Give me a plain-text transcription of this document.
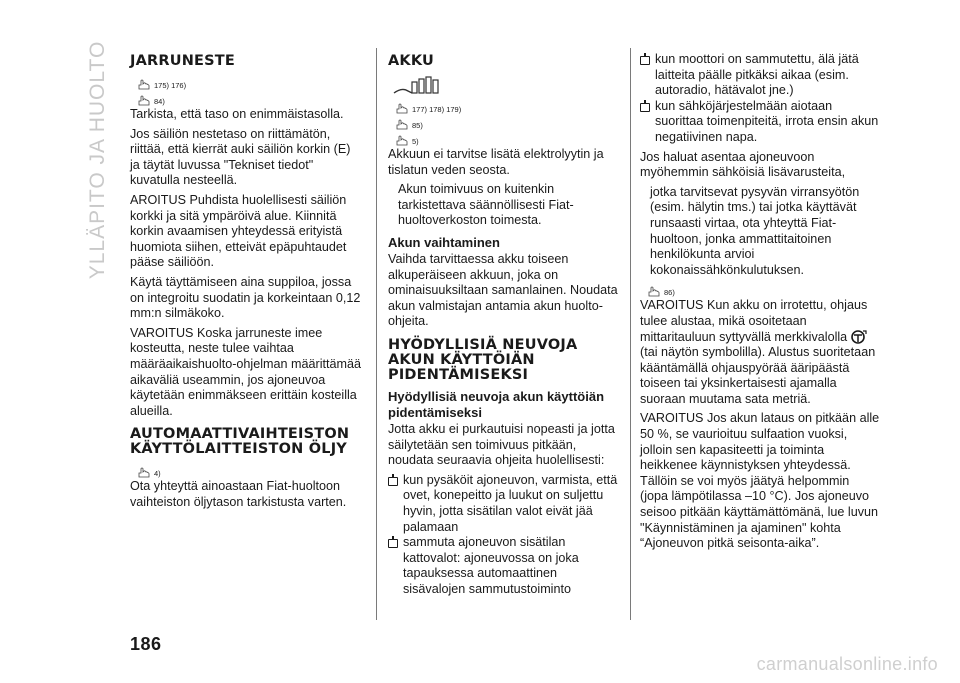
YLLÄPITO JA HUOLTO JARRUNESTE
175) 176)
84)

Tarkista, että taso on enimmäistasolla.

Jos säiliön nestetaso on riittämätön, riittää, että kierrät auki säiliön korkin (E) ja täytät luvussa "Tekniset tiedot" kuvatulla nesteellä.

AROITUS Puhdista huolellisesti säiliön korkki ja sitä ympäröivä alue. Kiinnitä korkin avaamisen yhteydessä erityistä huomiota siihen, etteivät epäpuhtaudet pääse säiliöön.

Käytä täyttämiseen aina suppiloa, jossa on integroitu suodatin ja korkeintaan 0,12 mm:n silmäkoko.

VAROITUS Koska jarruneste imee kosteutta, neste tulee vaihtaa määräaikaishuolto-ohjelman määrittämää aikaväliä useammin, jos ajoneuvoa käytetään enimmäkseen erittäin kosteilla alueilla.

AUTOMAATTIVAIHTEISTON KÄYTTÖLAITTEISTON ÖLJY
4)

Ota yhteyttä ainoastaan Fiat-huoltoon vaihteiston öljytason tarkistusta varten.

AKKU
177) 178) 179)
85)
5)

Akkuun ei tarvitse lisätä elektrolyytin ja tislatun veden seosta.

Akun toimivuus on kuitenkin tarkistettava säännöllisesti Fiat-huoltoverkoston toimesta.

Akun vaihtaminen

Vaihda tarvittaessa akku toiseen alkuperäiseen akkuun, joka on ominaisuuksiltaan samanlainen. Noudata akun valmistajan antamia akun huolto-ohjeita.

HYÖDYLLISIÄ NEUVOJA AKUN KÄYTTÖIÄN PIDENTÄMISEKSI
Hyödyllisiä neuvoja akun käyttöiän pidentämiseksi

Jotta akku ei purkautuisi nopeasti ja jotta säilytetään sen toimivuus pitkään, noudata seuraavia ohjeita huolellisesti:

kun pysäköit ajoneuvon, varmista, että ovet, konepeitto ja luukut on suljettu hyvin, jotta sisätilan valot eivät jää palamaan
sammuta ajoneuvon sisätilan kattovalot: ajoneuvossa on joka tapauksessa automaattinen sisävalojen sammutustoiminto
kun moottori on sammutettu, älä jätä laitteita päälle pitkäksi aikaa (esim. autoradio, hätävalot jne.)
kun sähköjärjestelmään aiotaan suorittaa toimenpiteitä, irrota ensin akun negatiivinen napa.

Jos haluat asentaa ajoneuvoon myöhemmin sähköisiä lisävarusteita,

jotka tarvitsevat pysyvän virransyötön (esim. hälytin tms.) tai jotka käyttävät runsaasti virtaa, ota yhteyttä Fiat-huoltoon, jonka ammattitaitoinen henkilökunta arvioi kokonaissähkönkulutuksen.

86)

VAROITUS Kun akku on irrotettu, ohjaus tulee alustaa, mikä osoitetaan mittaritauluun syttyvällä merkkivalolla (tai näytön symbolilla). Alustus suoritetaan kääntämällä ohjauspyörää ääripäästä toiseen tai yksinkertaisesti ajamalla suoraan muutama sata metriä.

VAROITUS Jos akun lataus on pitkään alle 50 %, se vaurioituu sulfaation vuoksi, jolloin sen kapasiteetti ja toiminta heikkenee käynnistyksen yhteydessä. Tällöin se voi myös jäätyä helpommin (jopa lämpötilassa –10 °C). Jos ajoneuvo seisoo pitkään käyttämättömänä, lue luvun "Käynnistäminen ja ajaminen" kohta “Ajoneuvon pitkä seisonta-aika”.

186
carmanualsonline.info
